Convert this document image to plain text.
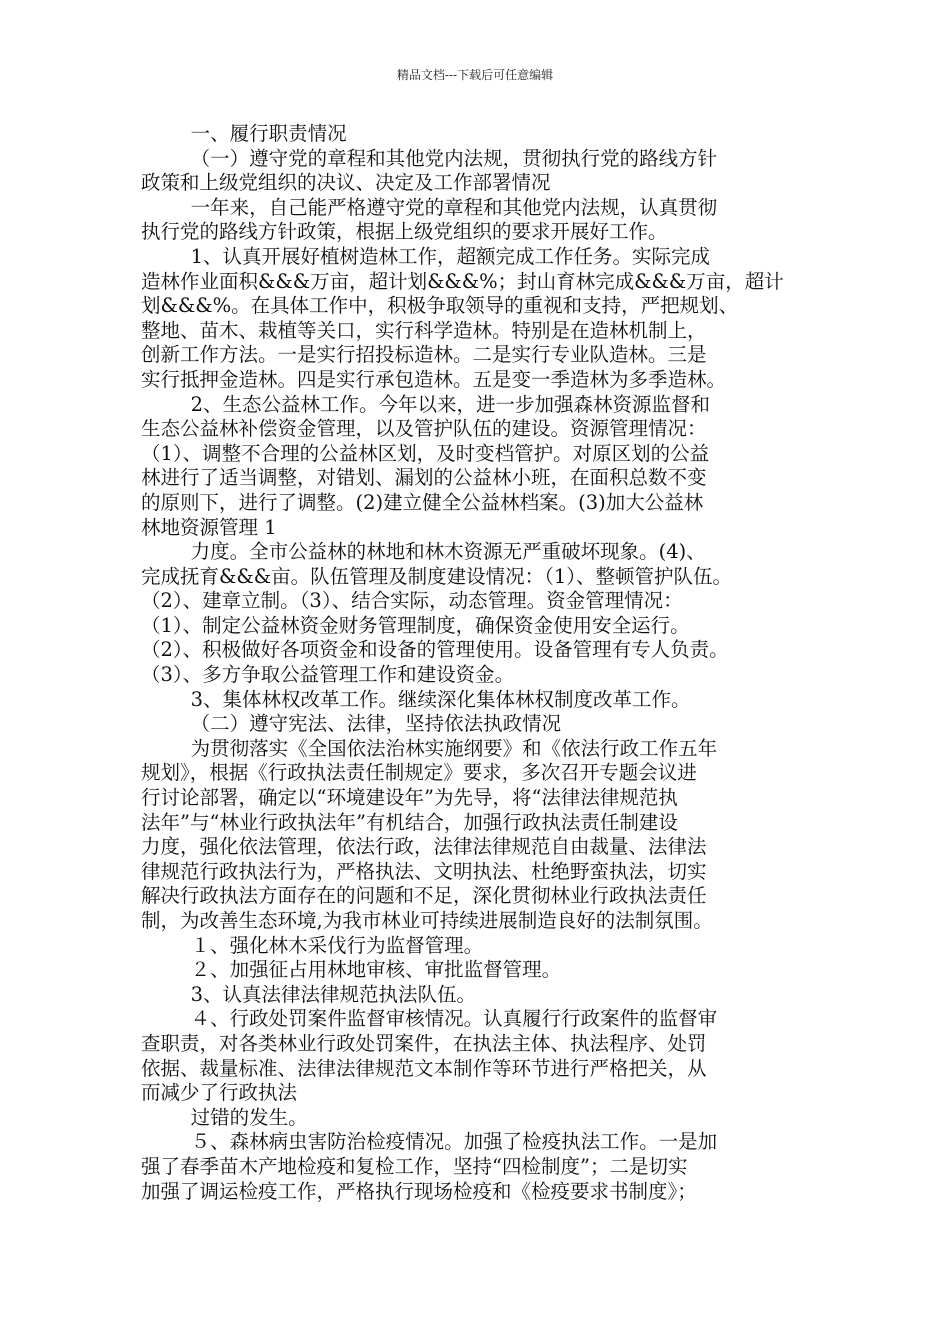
精品文档---下载后可任意编辑

一、履行职责情况

（一）遵守党的章程和其他党内法规，贯彻执行党的路线方针

政策和上级党组织的决议、决定及工作部署情况

一年来，自己能严格遵守党的章程和其他党内法规，认真贯彻

执行党的路线方针政策，根据上级党组织的要求开展好工作。

1、认真开展好植树造林工作，超额完成工作任务。实际完成

造林作业面积&&&万亩，超计划&&&%；封山育林完成&&&万亩，超计

划&&&%。在具体工作中，积极争取领导的重视和支持，严把规划、

整地、苗木、栽植等关口，实行科学造林。特别是在造林机制上，

创新工作方法。一是实行招投标造林。二是实行专业队造林。三是

实行抵押金造林。四是实行承包造林。五是变一季造林为多季造林。

2、生态公益林工作。今年以来，进一步加强森林资源监督和

生态公益林补偿资金管理，以及管护队伍的建设。资源管理情况：

（1）、调整不合理的公益林区划，及时变档管护。对原区划的公益

林进行了适当调整，对错划、漏划的公益林小班，在面积总数不变

的原则下，进行了调整。(2)建立健全公益林档案。(3)加大公益林

林地资源管理 1

力度。全市公益林的林地和林木资源无严重破坏现象。(4)、

完成抚育&&&亩。队伍管理及制度建设情况：（1）、整顿管护队伍。

（2）、建章立制。（3）、结合实际，动态管理。资金管理情况：

（1）、制定公益林资金财务管理制度，确保资金使用安全运行。

（2）、积极做好各项资金和设备的管理使用。设备管理有专人负责。

（3）、多方争取公益管理工作和建设资金。

3、集体林权改革工作。继续深化集体林权制度改革工作。

（二）遵守宪法、法律，坚持依法执政情况

为贯彻落实《全国依法治林实施纲要》和《依法行政工作五年

规划》，根据《行政执法责任制规定》要求，多次召开专题会议进

行讨论部署，确定以“环境建设年”为先导，将“法律法律规范执

法年”与“林业行政执法年”有机结合，加强行政执法责任制建设

力度，强化依法管理，依法行政，法律法律规范自由裁量、法律法

律规范行政执法行为，严格执法、文明执法、杜绝野蛮执法，切实

解决行政执法方面存在的问题和不足，深化贯彻林业行政执法责任

制，为改善生态环境,为我市林业可持续进展制造良好的法制氛围。

１、强化林木采伐行为监督管理。

２、加强征占用林地审核、审批监督管理。

3、认真法律法律规范执法队伍。

４、行政处罚案件监督审核情况。认真履行行政案件的监督审

查职责，对各类林业行政处罚案件，在执法主体、执法程序、处罚

依据、裁量标准、法律法律规范文本制作等环节进行严格把关，从

而减少了行政执法

过错的发生。

５、森林病虫害防治检疫情况。加强了检疫执法工作。一是加

强了春季苗木产地检疫和复检工作，坚持“四检制度”；二是切实

加强了调运检疫工作，严格执行现场检疫和《检疫要求书制度》；
